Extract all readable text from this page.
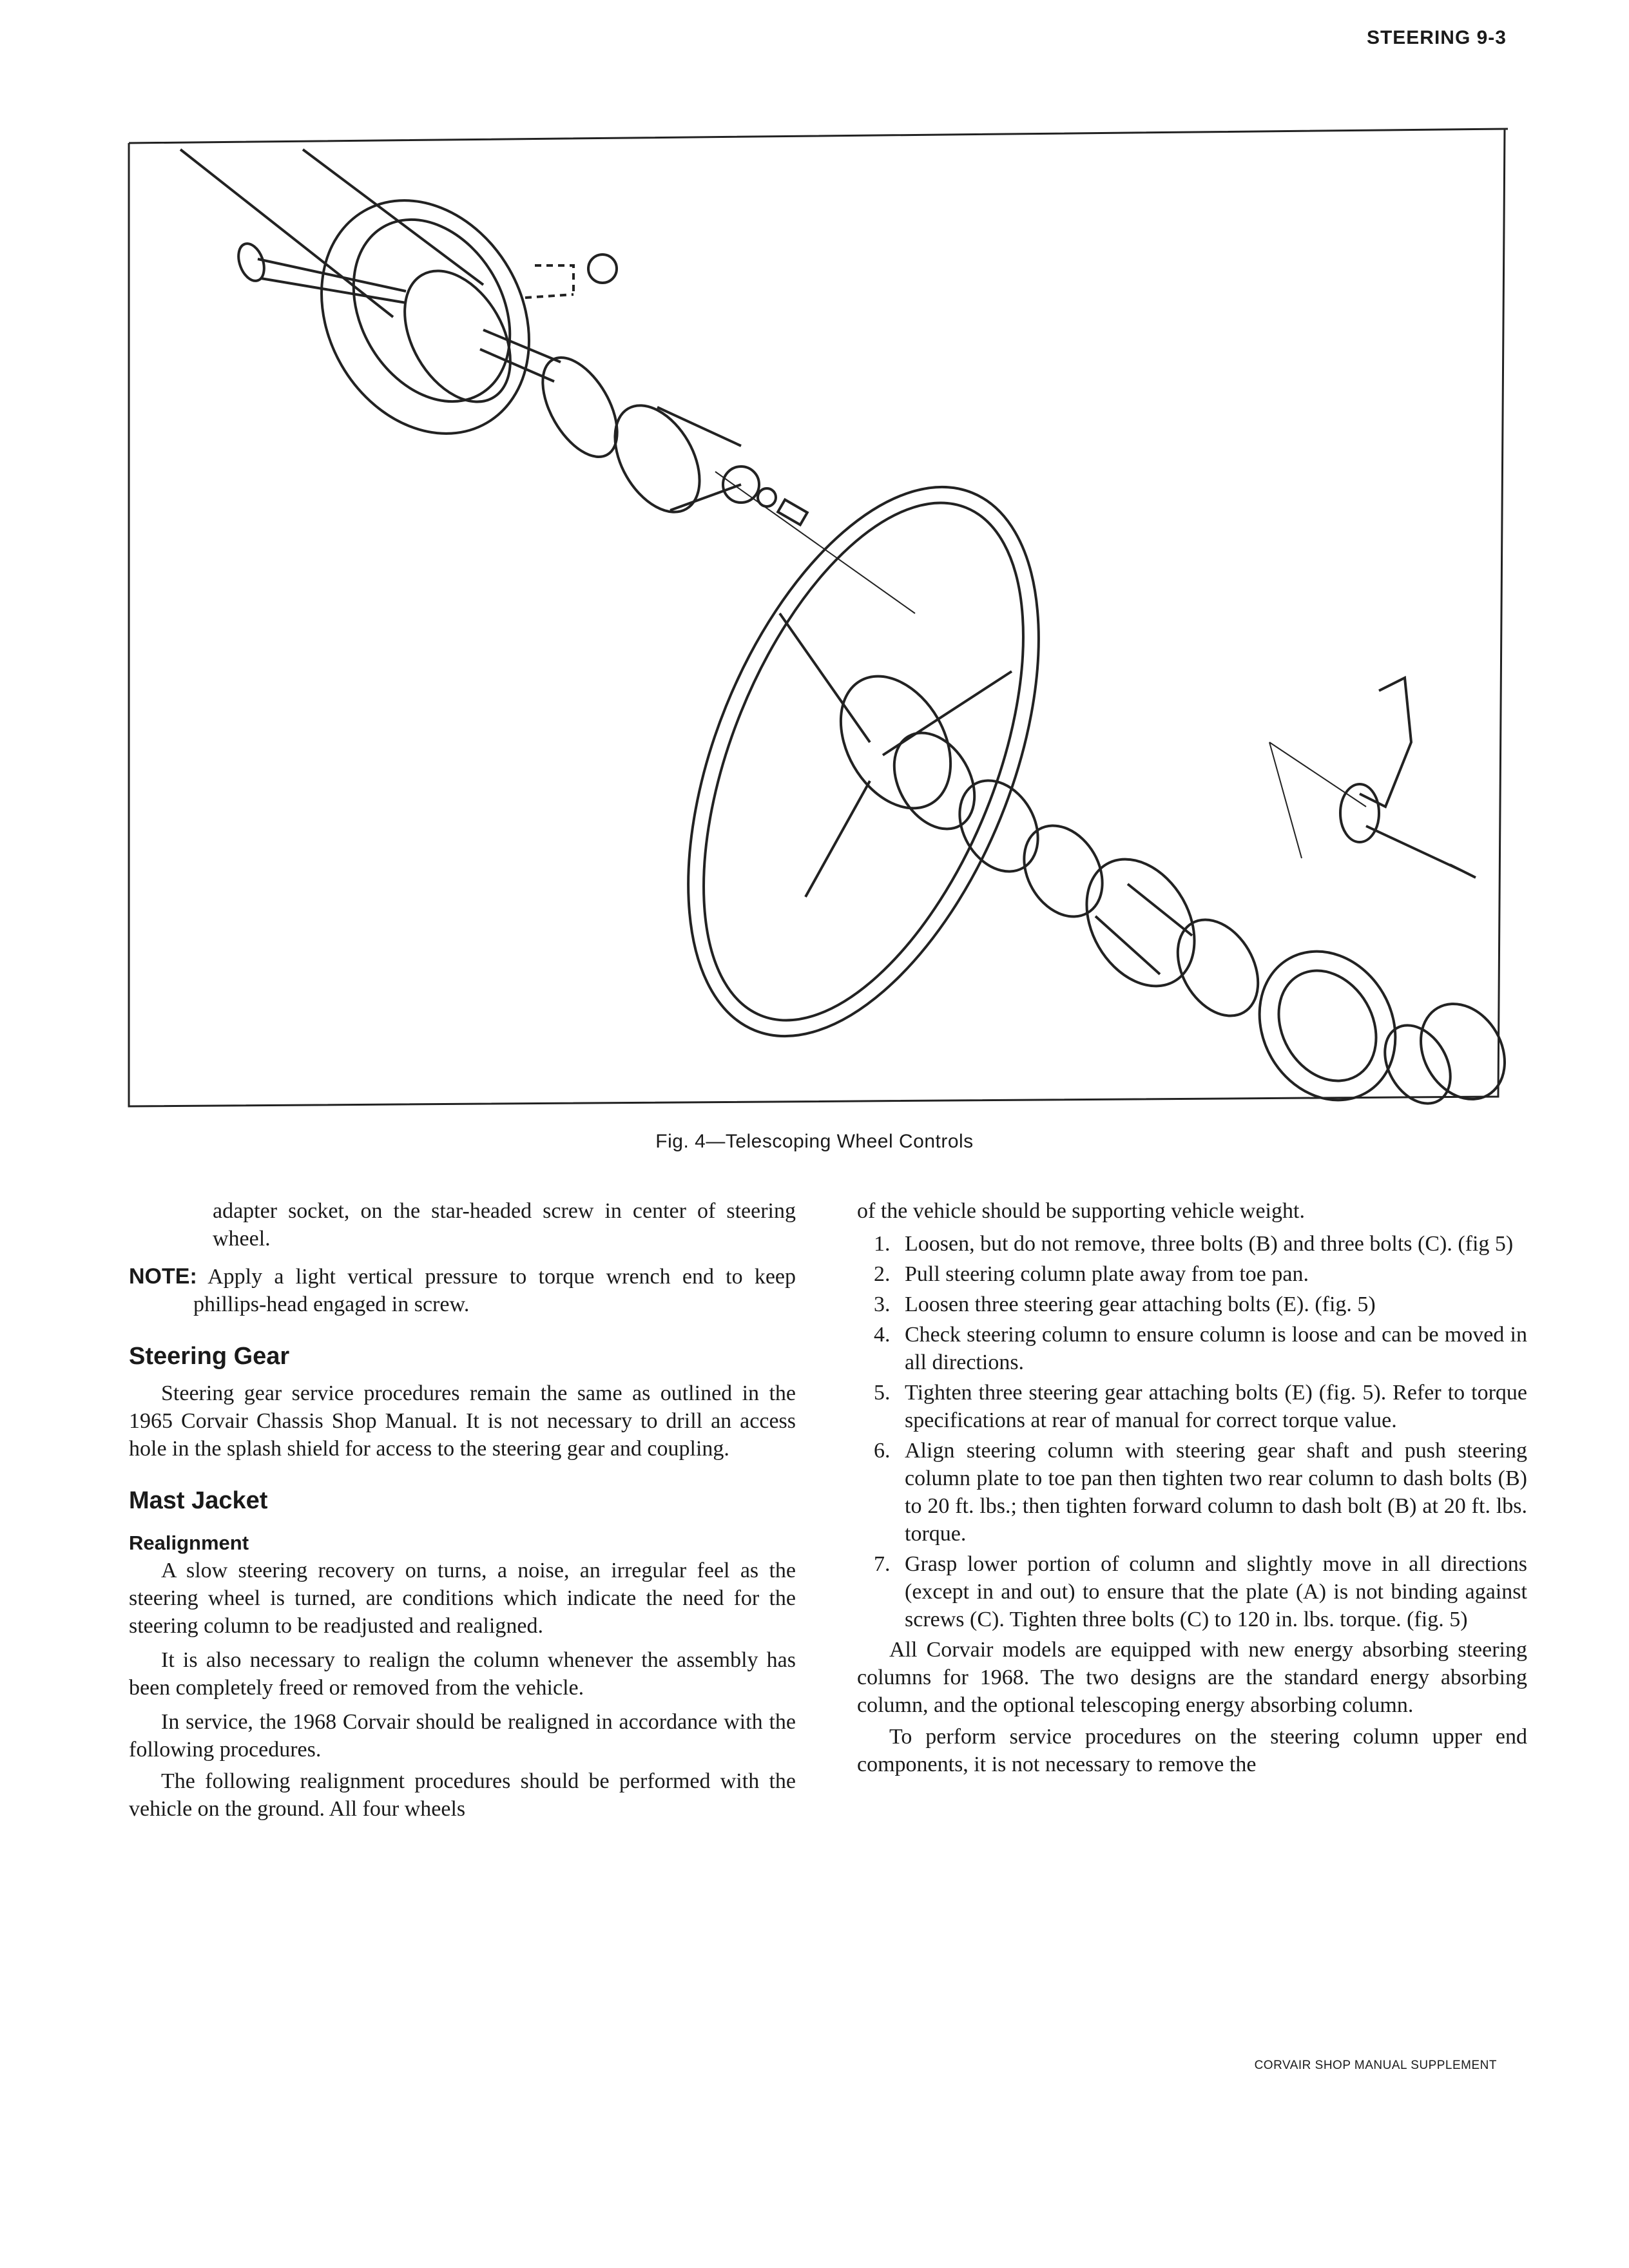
STEERING 9-3
Fig. 4—Telescoping Wheel Controls

adapter socket, on the star-headed screw in center of steering wheel.

NOTE: Apply a light vertical pressure to torque wrench end to keep phillips-head engaged in screw.

Steering Gear

Steering gear service procedures remain the same as outlined in the 1965 Corvair Chassis Shop Manual. It is not necessary to drill an access hole in the splash shield for access to the steering gear and coupling.

Mast Jacket
Realignment

A slow steering recovery on turns, a noise, an irregular feel as the steering wheel is turned, are conditions which indicate the need for the steering column to be readjusted and realigned.

It is also necessary to realign the column whenever the assembly has been completely freed or removed from the vehicle.

In service, the 1968 Corvair should be realigned in accordance with the following procedures.

The following realignment procedures should be performed with the vehicle on the ground. All four wheels

of the vehicle should be supporting vehicle weight.

1. Loosen, but do not remove, three bolts (B) and three bolts (C). (fig 5)
2. Pull steering column plate away from toe pan.
3. Loosen three steering gear attaching bolts (E). (fig. 5)
4. Check steering column to ensure column is loose and can be moved in all directions.
5. Tighten three steering gear attaching bolts (E) (fig. 5). Refer to torque specifications at rear of manual for correct torque value.
6. Align steering column with steering gear shaft and push steering column plate to toe pan then tighten two rear column to dash bolts (B) to 20 ft. lbs.; then tighten forward column to dash bolt (B) at 20 ft. lbs. torque.
7. Grasp lower portion of column and slightly move in all directions (except in and out) to ensure that the plate (A) is not binding against screws (C). Tighten three bolts (C) to 120 in. lbs. torque. (fig. 5)

All Corvair models are equipped with new energy absorbing steering columns for 1968. The two designs are the standard energy absorbing column, and the optional telescoping energy absorbing column.

To perform service procedures on the steering column upper end components, it is not necessary to remove the

CORVAIR SHOP MANUAL SUPPLEMENT
